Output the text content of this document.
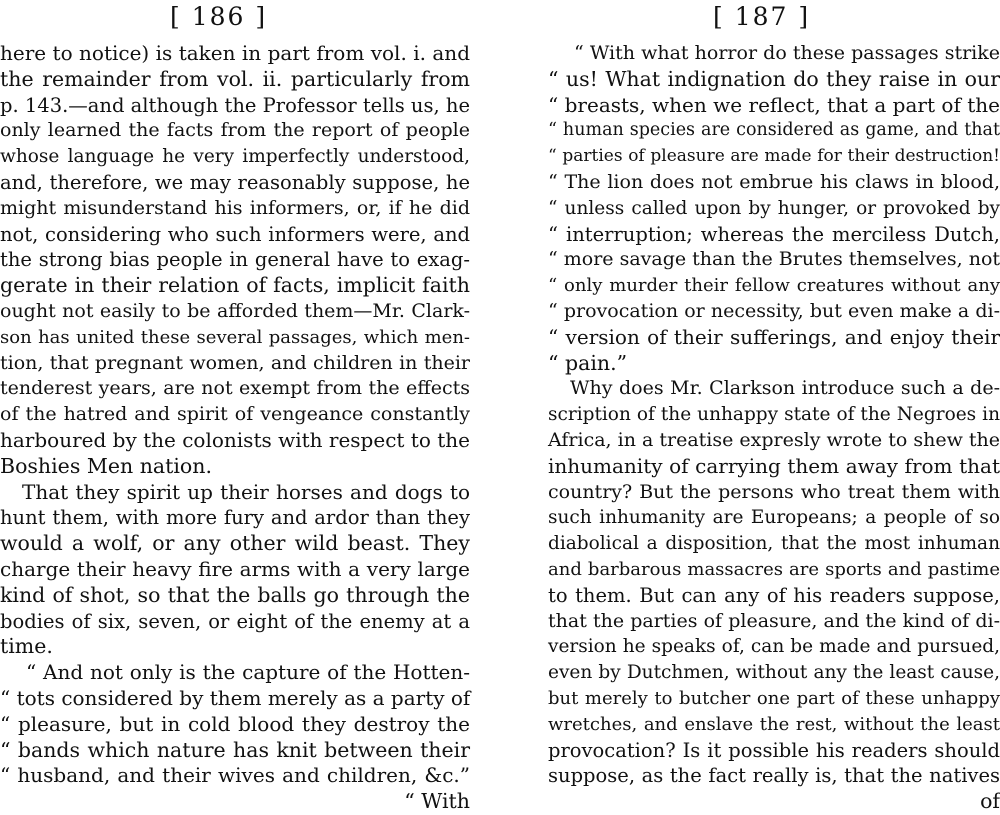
[ 186 ]
here to notice) is taken in part from vol. i. and
the remainder from vol. ii. particularly from
p. 143.—and although the Professor tells us, he
only learned the facts from the report of people
whose language he very imperfectly understood,
and, therefore, we may reasonably suppose, he
might misunderstand his informers, or, if he did
not, considering who such informers were, and
the strong bias people in general have to exag-
gerate in their relation of facts, implicit faith
ought not easily to be afforded them—Mr. Clark-
son has united these several passages, which men-
tion, that pregnant women, and children in their
tenderest years, are not exempt from the effects
of the hatred and spirit of vengeance constantly
harboured by the colonists with respect to the
Boshies Men nation.
That they spirit up their horses and dogs to
hunt them, with more fury and ardor than they
would a wolf, or any other wild beast. They
charge their heavy fire arms with a very large
kind of shot, so that the balls go through the
bodies of six, seven, or eight of the enemy at a
time.
“ And not only is the capture of the Hotten-
“ tots considered by them merely as a party of
“ pleasure, but in cold blood they destroy the
“ bands which nature has knit between their
“ husband, and their wives and children, &c.”
“ With
[ 187 ]
“ With what horror do these passages strike
“ us! What indignation do they raise in our
“ breasts, when we reflect, that a part of the
“ human species are considered as game, and that
“ parties of pleasure are made for their destruction!
“ The lion does not embrue his claws in blood,
“ unless called upon by hunger, or provoked by
“ interruption; whereas the merciless Dutch,
“ more savage than the Brutes themselves, not
“ only murder their fellow creatures without any
“ provocation or necessity, but even make a di-
“ version of their sufferings, and enjoy their
“ pain.”
Why does Mr. Clarkson introduce such a de-
scription of the unhappy state of the Negroes in
Africa, in a treatise expresly wrote to shew the
inhumanity of carrying them away from that
country? But the persons who treat them with
such inhumanity are Europeans; a people of so
diabolical a disposition, that the most inhuman
and barbarous massacres are sports and pastime
to them. But can any of his readers suppose,
that the parties of pleasure, and the kind of di-
version he speaks of, can be made and pursued,
even by Dutchmen, without any the least cause,
but merely to butcher one part of these unhappy
wretches, and enslave the rest, without the least
provocation? Is it possible his readers should
suppose, as the fact really is, that the natives
of
